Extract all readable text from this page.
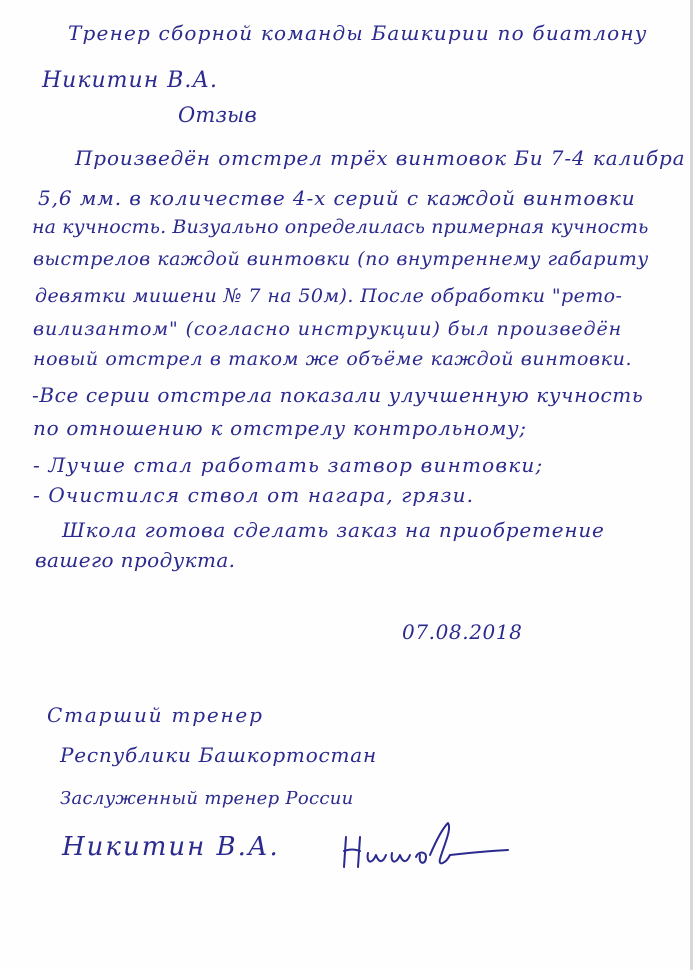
Тренер сборной команды Башкирии по биатлону
Никитин В.А.
Отзыв
Произведён отстрел трёх винтовок Би 7-4 калибра
5,6 мм. в количестве 4-х серий с каждой винтовки
на кучность. Визуально определилась примерная кучность
выстрелов каждой винтовки (по внутреннему габариту
девятки мишени № 7 на 50м). После обработки "рето-
вилизантом" (согласно инструкции) был произведён
новый отстрел в таком же объёме каждой винтовки.
-Все серии отстрела показали улучшенную кучность
по отношению к отстрелу контрольному;
- Лучше стал работать затвор винтовки;
- Очистился ствол от нагара, грязи.
Школа готова сделать заказ на приобретение
вашего продукта.
07.08.2018
Старший тренер
Республики Башкортостан
Заслуженный тренер России
Никитин В.А.
